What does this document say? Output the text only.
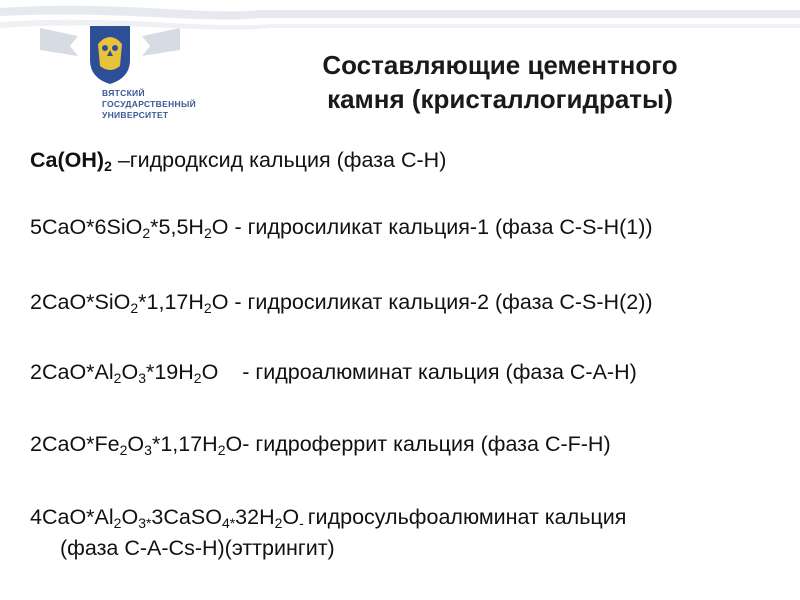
ВЯТСКИЙ
ГОСУДАРСТВЕННЫЙ
УНИВЕРСИТЕТ
Составляющие цементного
камня (кристаллогидраты)
$Ca(OH)_2$ –гидродксид кальция (фаза С-Н)
$5CaO*6SiO_2*5,5H_2O$ - гидросиликат кальция-1 (фаза С-S-H(1))
$2CaO*SiO_2*1,17H_2O$ - гидросиликат кальция-2 (фаза С-S-H(2))
$2CaO*Al_2O_3*19H_2O$    - гидроалюминат кальция (фаза С-A-H)
$2CaO*Fe_2O_3*1,17H_2O-$ гидроферрит кальция (фаза С-F-H)
$4CaO*Al_2O_{3*}3CaSO_{4*}32H_2O_-$ гидросульфоалюминат кальция
(фаза С-A-Cs-H)(эттрингит)
